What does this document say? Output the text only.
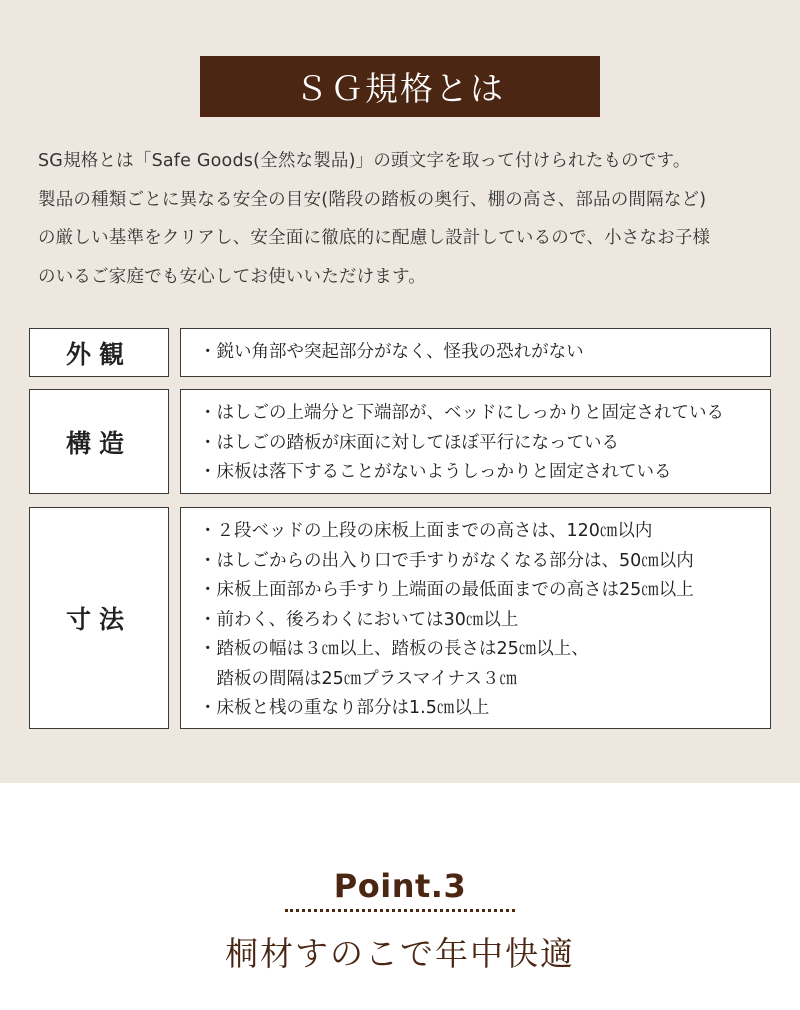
ＳＧ規格とは
SG規格とは「Safe Goods(全然な製品)」の頭文字を取って付けられたものです。
製品の種類ごとに異なる安全の目安(階段の踏板の奥行、棚の高さ、部品の間隔など)
の厳しい基準をクリアし、安全面に徹底的に配慮し設計しているので、小さなお子様
のいるご家庭でも安心してお使いいただけます。
外観	・鋭い角部や突起部分がなく、怪我の恐れがない
構造
・はしごの上端分と下端部が、ベッドにしっかりと固定されている
・はしごの踏板が床面に対してほぼ平行になっている
・床板は落下することがないようしっかりと固定されている
寸法
・２段ベッドの上段の床板上面までの高さは、120㎝以内
・はしごからの出入り口で手すりがなくなる部分は、50㎝以内
・床板上面部から手すり上端面の最低面までの高さは25㎝以上
・前わく、後ろわくにおいては30㎝以上
・踏板の幅は３㎝以上、踏板の長さは25㎝以上、
　踏板の間隔は25㎝プラスマイナス３㎝
・床板と桟の重なり部分は1.5㎝以上
Point.3
桐材すのこで年中快適
